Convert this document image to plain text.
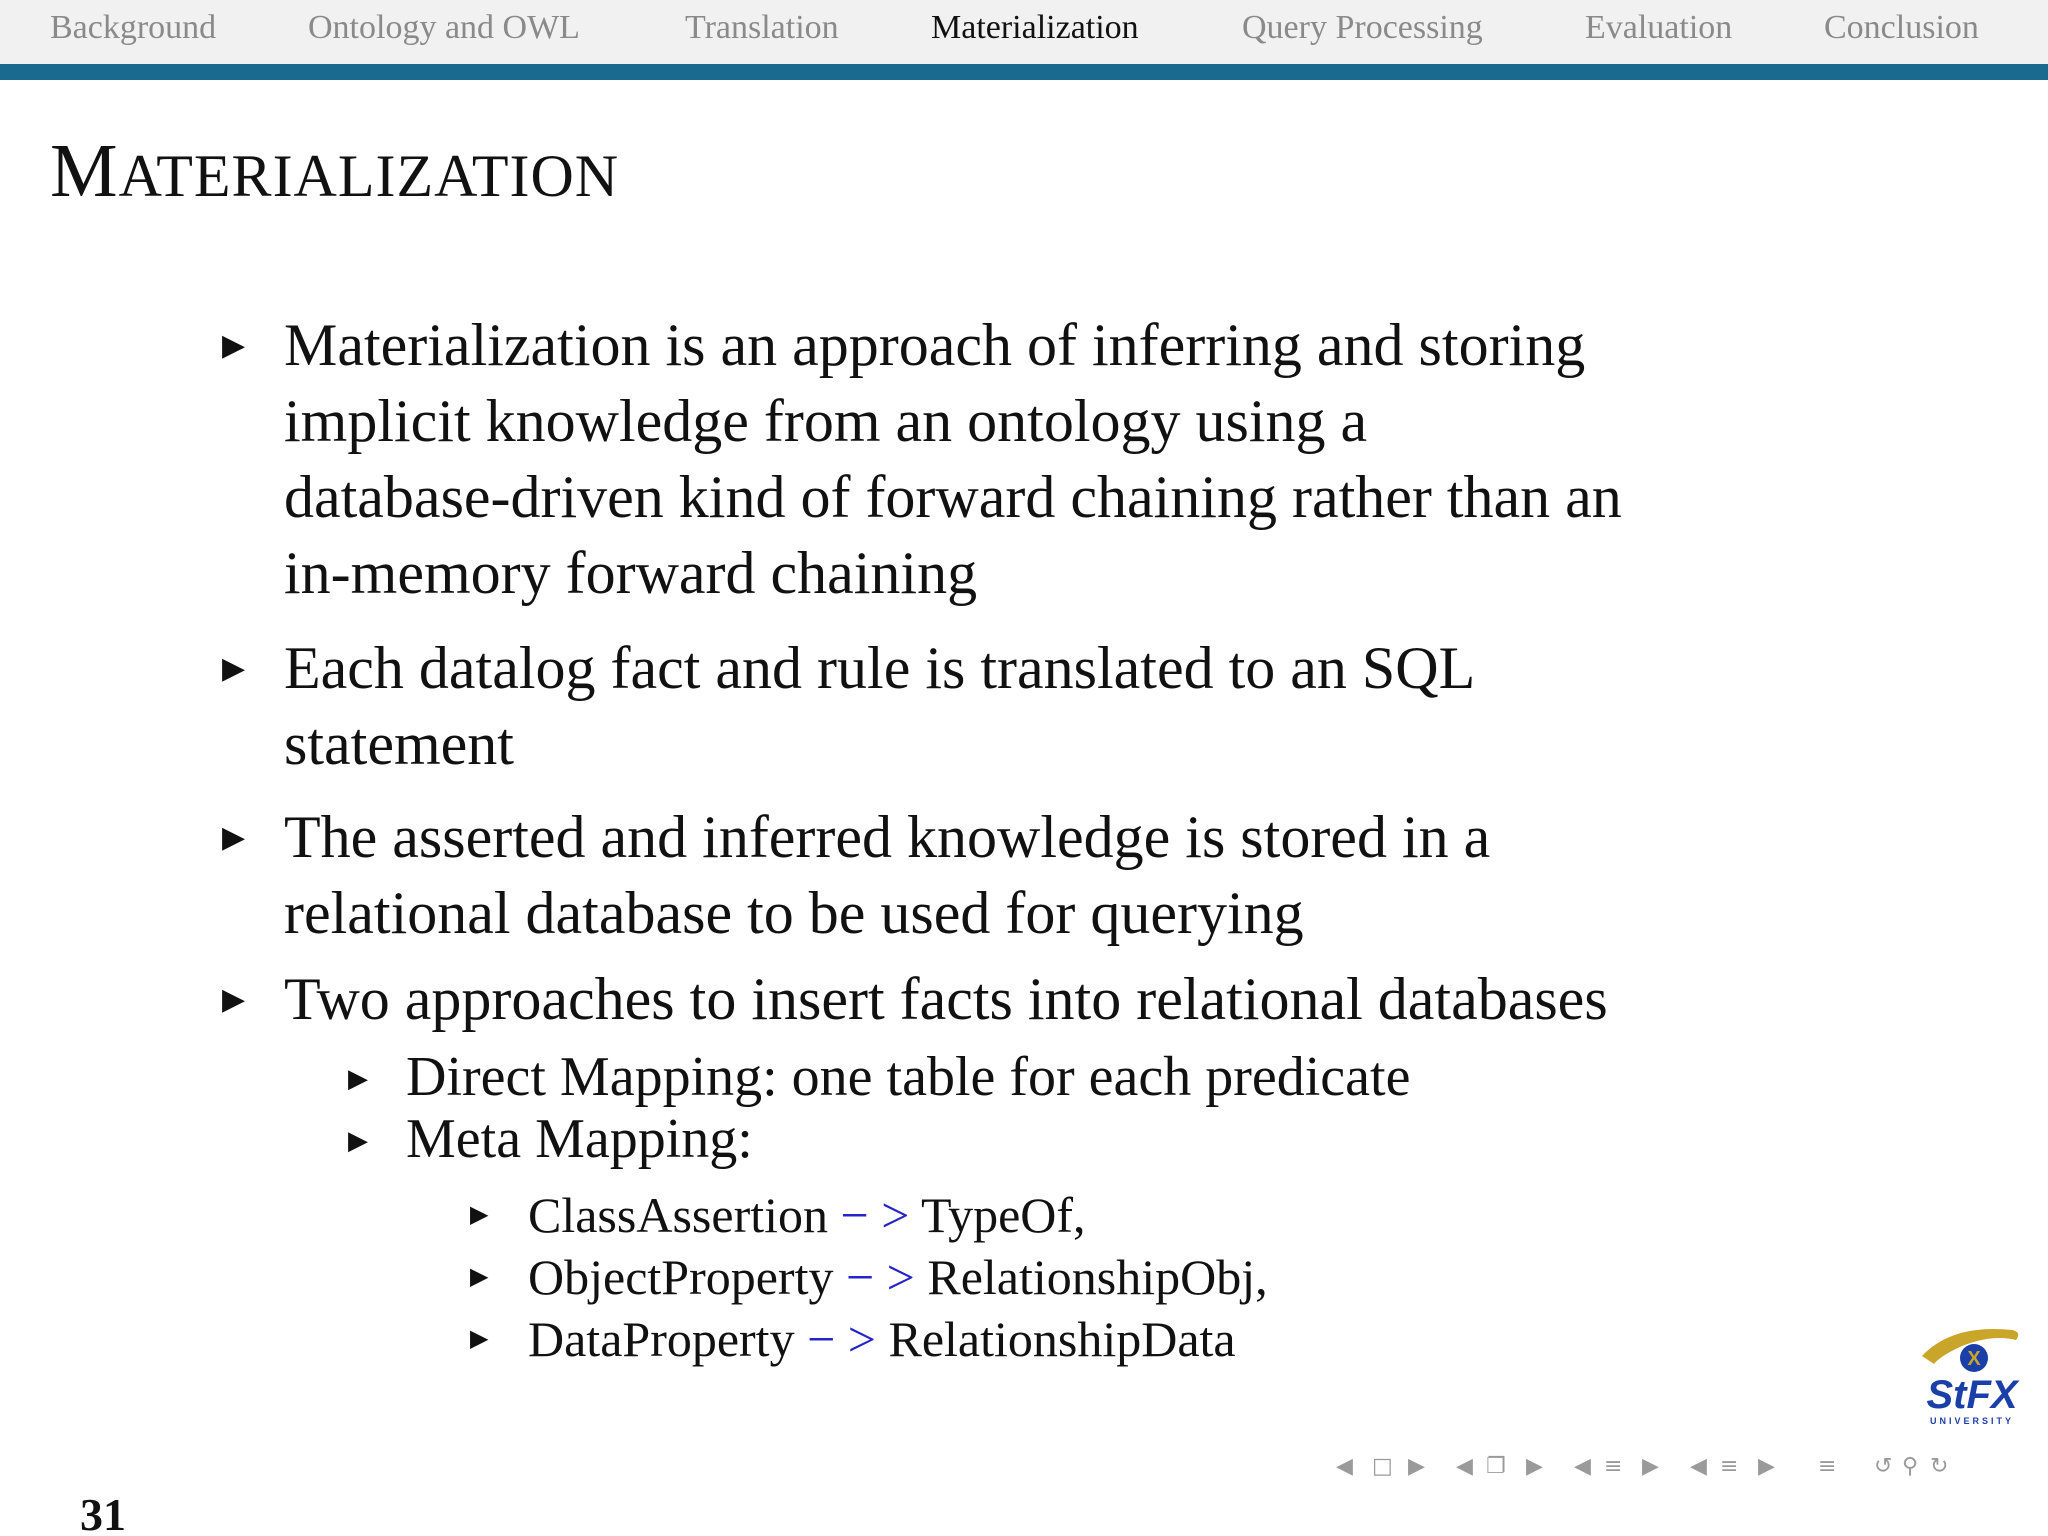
Background	Ontology and OWL	Translation	Materialization	Query Processing	Evaluation	Conclusion
MATERIALIZATION
▶ Materialization is an approach of inferring and storing
implicit knowledge from an ontology using a
database-driven kind of forward chaining rather than an
in-memory forward chaining
▶ Each datalog fact and rule is translated to an SQL
statement
▶ The asserted and inferred knowledge is stored in a
relational database to be used for querying
▶ Two approaches to insert facts into relational databases
▶ Direct Mapping: one table for each predicate
▶ Meta Mapping:
▶ ClassAssertion − > TypeOf,
▶ ObjectProperty − > RelationshipObj,
▶ DataProperty − > RelationshipData
31
X
StFX
UNIVERSITY
◀ □ ▶ ◀ ❐ ▶ ◀ ≡ ▶ ◀ ≡ ▶ ≡ ↺ ⚲ ↻
